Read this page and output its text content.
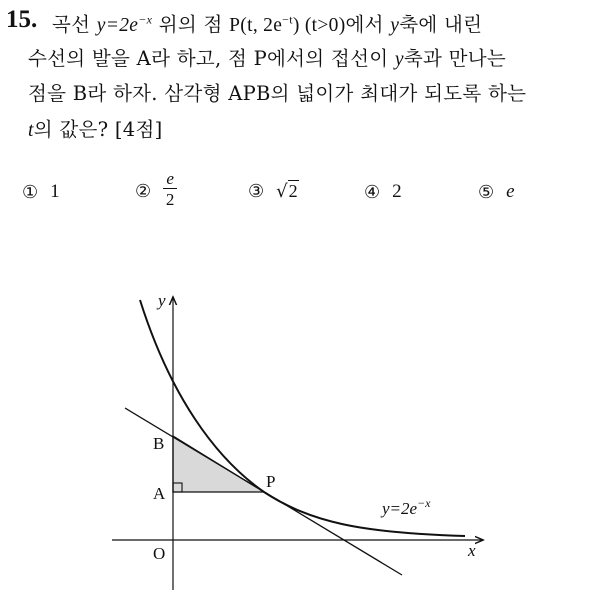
15. 곡선 $y=2e^{-x}$ 위의 점 P(t, $2e^{-t}$) (t>0)에서 y축에 내린
수선의 발을 A라 하고, 점 P에서의 접선이 y축과 만나는
점을 B라 하자. 삼각형 APB의 넓이가 최대가 되도록 하는
t의 값은? [4점]
① 1	② $\frac{e}{2}$	③ √2	④ 2	⑤ e
y
x
O
B
A
P
$y=2e^{-x}$
